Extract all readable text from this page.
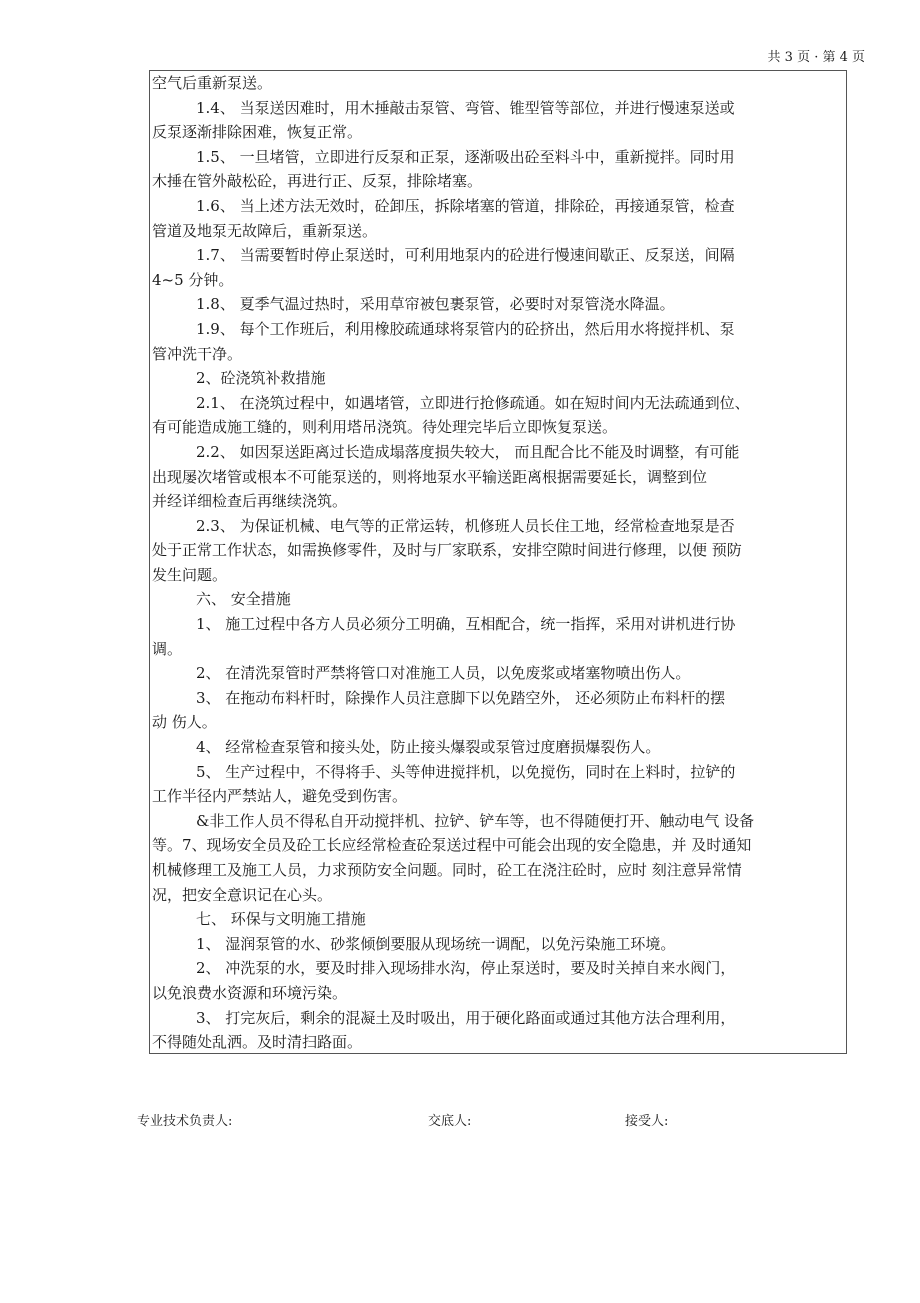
共 3 页 · 第 4 页

空气后重新泵送。

1.4、 当泵送因难时，用木捶敲击泵管、弯管、锥型管等部位，并进行慢速泵送或

反泵逐渐排除困难，恢复正常。

1.5、 一旦堵管，立即进行反泵和正泵，逐渐吸出砼至料斗中，重新搅拌。同时用

木捶在管外敲松砼，再进行正、反泵，排除堵塞。

1.6、 当上述方法无效时，砼卸压，拆除堵塞的管道，排除砼，再接通泵管，检查

管道及地泵无故障后，重新泵送。

1.7、 当需要暂时停止泵送时，可利用地泵内的砼进行慢速间歇正、反泵送，间隔

4~5 分钟。

1.8、 夏季气温过热时，采用草帘被包裹泵管，必要时对泵管浇水降温。

1.9、 每个工作班后，利用橡胶疏通球将泵管内的砼挤出，然后用水将搅拌机、泵

管冲洗干净。

2、砼浇筑补救措施

2.1、 在浇筑过程中，如遇堵管，立即进行抢修疏通。如在短时间内无法疏通到位、

有可能造成施工缝的，则利用塔吊浇筑。待处理完毕后立即恢复泵送。

2.2、 如因泵送距离过长造成塌落度损失较大， 而且配合比不能及时调整，有可能

出现屡次堵管或根本不可能泵送的，则将地泵水平输送距离根据需要延长，调整到位

并经详细检查后再继续浇筑。

2.3、 为保证机械、电气等的正常运转，机修班人员长住工地，经常检查地泵是否

处于正常工作状态，如需换修零件，及时与厂家联系，安排空隙时间进行修理，以便 预防

发生问题。

六、 安全措施

1、 施工过程中各方人员必须分工明确，互相配合，统一指挥，采用对讲机进行协

调。

2、 在清洗泵管时严禁将管口对准施工人员，以免废浆或堵塞物喷出伤人。

3、 在拖动布料杆时，除操作人员注意脚下以免踏空外， 还必须防止布料杆的摆

动 伤人。

4、 经常检查泵管和接头处，防止接头爆裂或泵管过度磨损爆裂伤人。

5、 生产过程中，不得将手、头等伸进搅拌机，以免搅伤，同时在上料时，拉铲的

工作半径内严禁站人，避免受到伤害。

&非工作人员不得私自开动搅拌机、拉铲、铲车等，也不得随便打开、触动电气 设备

等。7、现场安全员及砼工长应经常检查砼泵送过程中可能会出现的安全隐患，并 及时通知

机械修理工及施工人员，力求预防安全问题。同时，砼工在浇注砼时，应时 刻注意异常情

况，把安全意识记在心头。

七、 环保与文明施工措施

1、 湿润泵管的水、砂浆倾倒要服从现场统一调配，以免污染施工环境。

2、 冲洗泵的水，要及时排入现场排水沟，停止泵送时，要及时关掉自来水阀门，

以免浪费水资源和环境污染。

3、 打完灰后，剩余的混凝土及时吸出，用于硬化路面或通过其他方法合理利用，

不得随处乱洒。及时清扫路面。

专业技术负责人:	交底人:	接受人:
